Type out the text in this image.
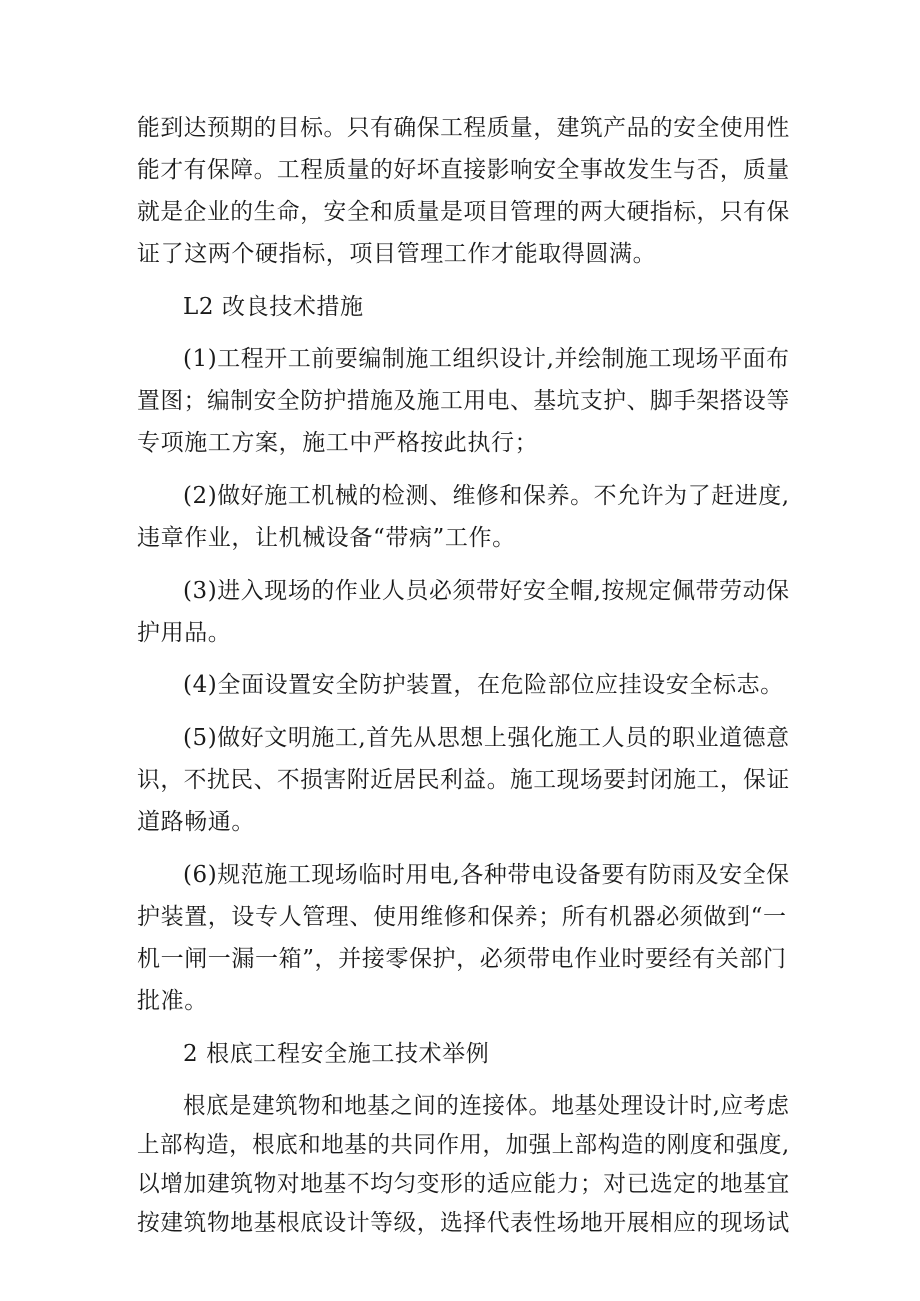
能到达预期的目标。只有确保工程质量，建筑产品的安全使用性
能才有保障。工程质量的好坏直接影响安全事故发生与否，质量
就是企业的生命，安全和质量是项目管理的两大硬指标，只有保
证了这两个硬指标，项目管理工作才能取得圆满。
L2 改良技术措施
(1)工程开工前要编制施工组织设计,并绘制施工现场平面布
置图；编制安全防护措施及施工用电、基坑支护、脚手架搭设等
专项施工方案，施工中严格按此执行；
(2)做好施工机械的检测、维修和保养。不允许为了赶进度,
违章作业，让机械设备“带病”工作。
(3)进入现场的作业人员必须带好安全帽,按规定佩带劳动保
护用品。
(4)全面设置安全防护装置，在危险部位应挂设安全标志。
(5)做好文明施工,首先从思想上强化施工人员的职业道德意
识，不扰民、不损害附近居民利益。施工现场要封闭施工，保证
道路畅通。
(6)规范施工现场临时用电,各种带电设备要有防雨及安全保
护装置，设专人管理、使用维修和保养；所有机器必须做到“一
机一闸一漏一箱”，并接零保护，必须带电作业时要经有关部门
批准。
2 根底工程安全施工技术举例
根底是建筑物和地基之间的连接体。地基处理设计时,应考虑
上部构造，根底和地基的共同作用，加强上部构造的刚度和强度,
以增加建筑物对地基不均匀变形的适应能力；对已选定的地基宜
按建筑物地基根底设计等级，选择代表性场地开展相应的现场试
